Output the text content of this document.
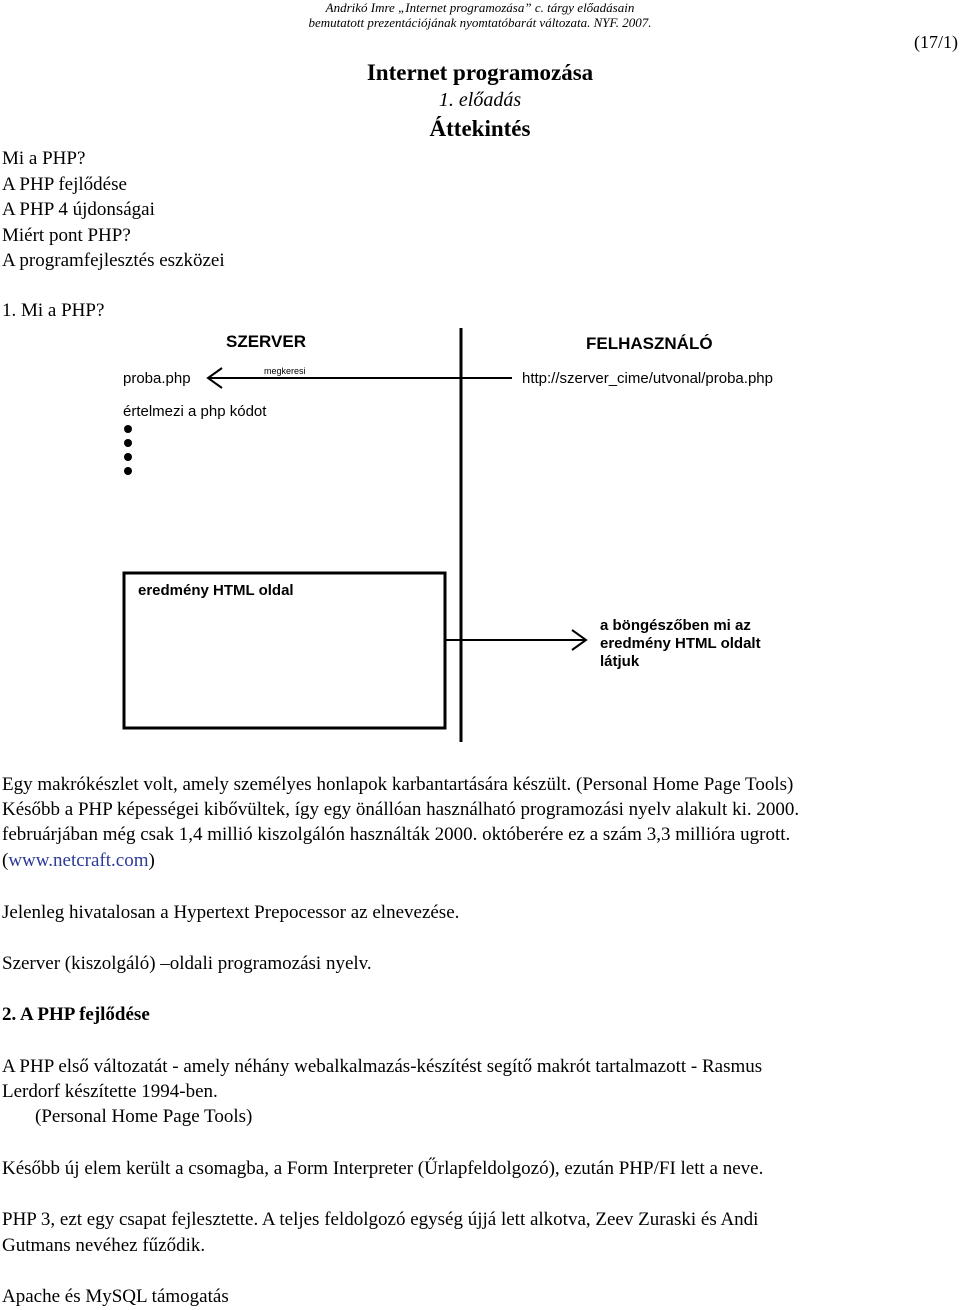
Andrikó Imre „Internet programozása” c. tárgy előadásain
bemutatott prezentációjának nyomtatóbarát változata. NYF. 2007.
(17/1)
Internet programozása
1. előadás
Áttekintés
Mi a PHP?
A PHP fejlődése
A PHP 4 újdonságai
Miért pont PHP?
A programfejlesztés eszközei
1. Mi a PHP?
SZERVER	FELHASZNÁLÓ
proba.php	megkeresi	http://szerver_cime/utvonal/proba.php
értelmezi a php kódot
eredmény HTML oldal
a böngészőben mi az
eredmény HTML oldalt
látjuk
Egy makrókészlet volt, amely személyes honlapok karbantartására készült. (Personal Home Page Tools)
Később a PHP képességei kibővültek, így egy önállóan használható programozási nyelv alakult ki. 2000.
februárjában még csak 1,4 millió kiszolgálón használták 2000. októberére ez a szám 3,3 millióra ugrott.
(www.netcraft.com)
Jelenleg hivatalosan a Hypertext Prepocessor az elnevezése.
Szerver (kiszolgáló) –oldali programozási nyelv.
2. A PHP fejlődése
A PHP első változatát - amely néhány webalkalmazás-készítést segítő makrót tartalmazott - Rasmus
Lerdorf készítette 1994-ben.
(Personal Home Page Tools)
Később új elem került a csomagba, a Form Interpreter (Űrlapfeldolgozó), ezután PHP/FI lett a neve.
PHP 3, ezt egy csapat fejlesztette. A teljes feldolgozó egység újjá lett alkotva, Zeev Zuraski és Andi
Gutmans nevéhez fűződik.
Apache és MySQL támogatás
